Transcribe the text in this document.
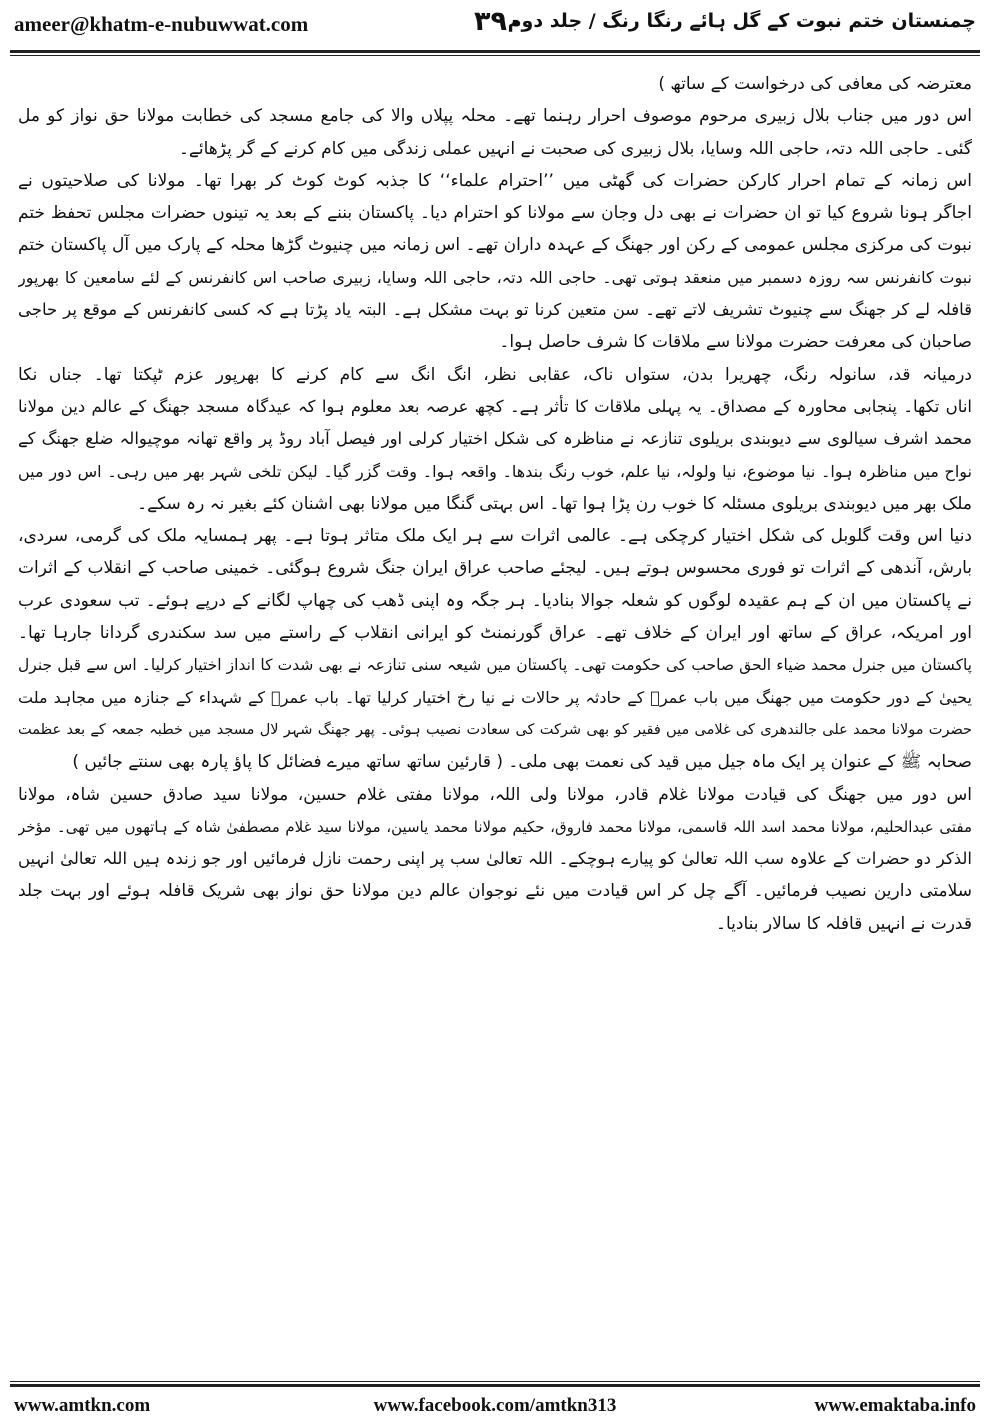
ameer@khatm-e-nubuwwat.com	۳۹۰
چمنستان ختم نبوت کے گل ہائے رنگا رنگ / جلد دوم

معترضہ کی معافی کی درخواست کے ساتھ )

اس دور میں جناب بلال زبیری مرحوم موصوف احرار رہنما تھے۔ محلہ پپلاں والا کی جامع مسجد کی خطابت مولانا حق نواز کو مل
گئی۔ حاجی اللہ دتہ، حاجی اللہ وسایا، بلال زبیری کی صحبت نے انہیں عملی زندگی میں کام کرنے کے گر پڑھائے۔

اس زمانہ کے تمام احرار کارکن حضرات کی گھٹی میں ’’احترام علماء‘‘ کا جذبہ کوٹ کوٹ کر بھرا تھا۔ مولانا کی صلاحیتوں نے
اجاگر ہونا شروع کیا تو ان حضرات نے بھی دل وجان سے مولانا کو احترام دیا۔ پاکستان بننے کے بعد یہ تینوں حضرات مجلس تحفظ ختم
نبوت کی مرکزی مجلس عمومی کے رکن اور جھنگ کے عہدہ داران تھے۔ اس زمانہ میں چنیوٹ گڑھا محلہ کے پارک میں آل پاکستان ختم
نبوت کانفرنس سہ روزہ دسمبر میں منعقد ہوتی تھی۔ حاجی اللہ دتہ، حاجی اللہ وسایا، زبیری صاحب اس کانفرنس کے لئے سامعین کا بھرپور
قافلہ لے کر جھنگ سے چنیوٹ تشریف لاتے تھے۔ سن متعین کرنا تو بہت مشکل ہے۔ البتہ یاد پڑتا ہے کہ کسی کانفرنس کے موقع پر حاجی
صاحبان کی معرفت حضرت مولانا سے ملاقات کا شرف حاصل ہوا۔

درمیانہ قد، سانولہ رنگ، چھریرا بدن، ستواں ناک، عقابی نظر، انگ انگ سے کام کرنے کا بھرپور عزم ٹپکتا تھا۔ جناں نکا
اناں تکھا۔ پنجابی محاورہ کے مصداق۔ یہ پہلی ملاقات کا تأثر ہے۔ کچھ عرصہ بعد معلوم ہوا کہ عیدگاہ مسجد جھنگ کے عالم دین مولانا
محمد اشرف سیالوی سے دیوبندی بریلوی تنازعہ نے مناظرہ کی شکل اختیار کرلی اور فیصل آباد روڈ پر واقع تھانہ موچیوالہ ضلع جھنگ کے
نواح میں مناظرہ ہوا۔ نیا موضوع، نیا ولولہ، نیا علم، خوب رنگ بندھا۔ واقعہ ہوا۔ وقت گزر گیا۔ لیکن تلخی شہر بھر میں رہی۔ اس دور میں
ملک بھر میں دیوبندی بریلوی مسئلہ کا خوب رن پڑا ہوا تھا۔ اس بہتی گنگا میں مولانا بھی اشنان کئے بغیر نہ رہ سکے۔

دنیا اس وقت گلوبل کی شکل اختیار کرچکی ہے۔ عالمی اثرات سے ہر ایک ملک متاثر ہوتا ہے۔ پھر ہمسایہ ملک کی گرمی، سردی،
بارش، آندھی کے اثرات تو فوری محسوس ہوتے ہیں۔ لیجئے صاحب عراق ایران جنگ شروع ہوگئی۔ خمینی صاحب کے انقلاب کے اثرات
نے پاکستان میں ان کے ہم عقیدہ لوگوں کو شعلہ جوالا بنادیا۔ ہر جگہ وہ اپنی ڈھب کی چھاپ لگانے کے درپے ہوئے۔ تب سعودی عرب
اور امریکہ، عراق کے ساتھ اور ایران کے خلاف تھے۔ عراق گورنمنٹ کو ایرانی انقلاب کے راستے میں سد سکندری گردانا جارہا تھا۔
پاکستان میں جنرل محمد ضیاء الحق صاحب کی حکومت تھی۔ پاکستان میں شیعہ سنی تنازعہ نے بھی شدت کا انداز اختیار کرلیا۔ اس سے قبل جنرل
یحییٰ کے دور حکومت میں جھنگ میں باب عمرؓ کے حادثہ پر حالات نے نیا رخ اختیار کرلیا تھا۔ باب عمرؓ کے شہداء کے جنازہ میں مجاہد ملت
حضرت مولانا محمد علی جالندھری کی غلامی میں فقیر کو بھی شرکت کی سعادت نصیب ہوئی۔ پھر جھنگ شہر لال مسجد میں خطبہ جمعہ کے بعد عظمت
صحابہ ﷺ کے عنوان پر ایک ماہ جیل میں قید کی نعمت بھی ملی۔ ( قارئین ساتھ ساتھ میرے فضائل کا پاؤ پارہ بھی سنتے جائیں )

اس دور میں جھنگ کی قیادت مولانا غلام قادر، مولانا ولی اللہ، مولانا مفتی غلام حسین، مولانا سید صادق حسین شاہ، مولانا
مفتی عبدالحلیم، مولانا محمد اسد اللہ قاسمی، مولانا محمد فاروق، حکیم مولانا محمد یاسین، مولانا سید غلام مصطفیٰ شاہ کے ہاتھوں میں تھی۔ مؤخر
الذکر دو حضرات کے علاوہ سب اللہ تعالیٰ کو پیارے ہوچکے۔ اللہ تعالیٰ سب پر اپنی رحمت نازل فرمائیں اور جو زندہ ہیں اللہ تعالیٰ انہیں
سلامتی دارین نصیب فرمائیں۔ آگے چل کر اس قیادت میں نئے نوجوان عالم دین مولانا حق نواز بھی شریک قافلہ ہوئے اور بہت جلد
قدرت نے انہیں قافلہ کا سالار بنادیا۔

www.amtkn.com	www.facebook.com/amtkn313	www.emaktaba.info
